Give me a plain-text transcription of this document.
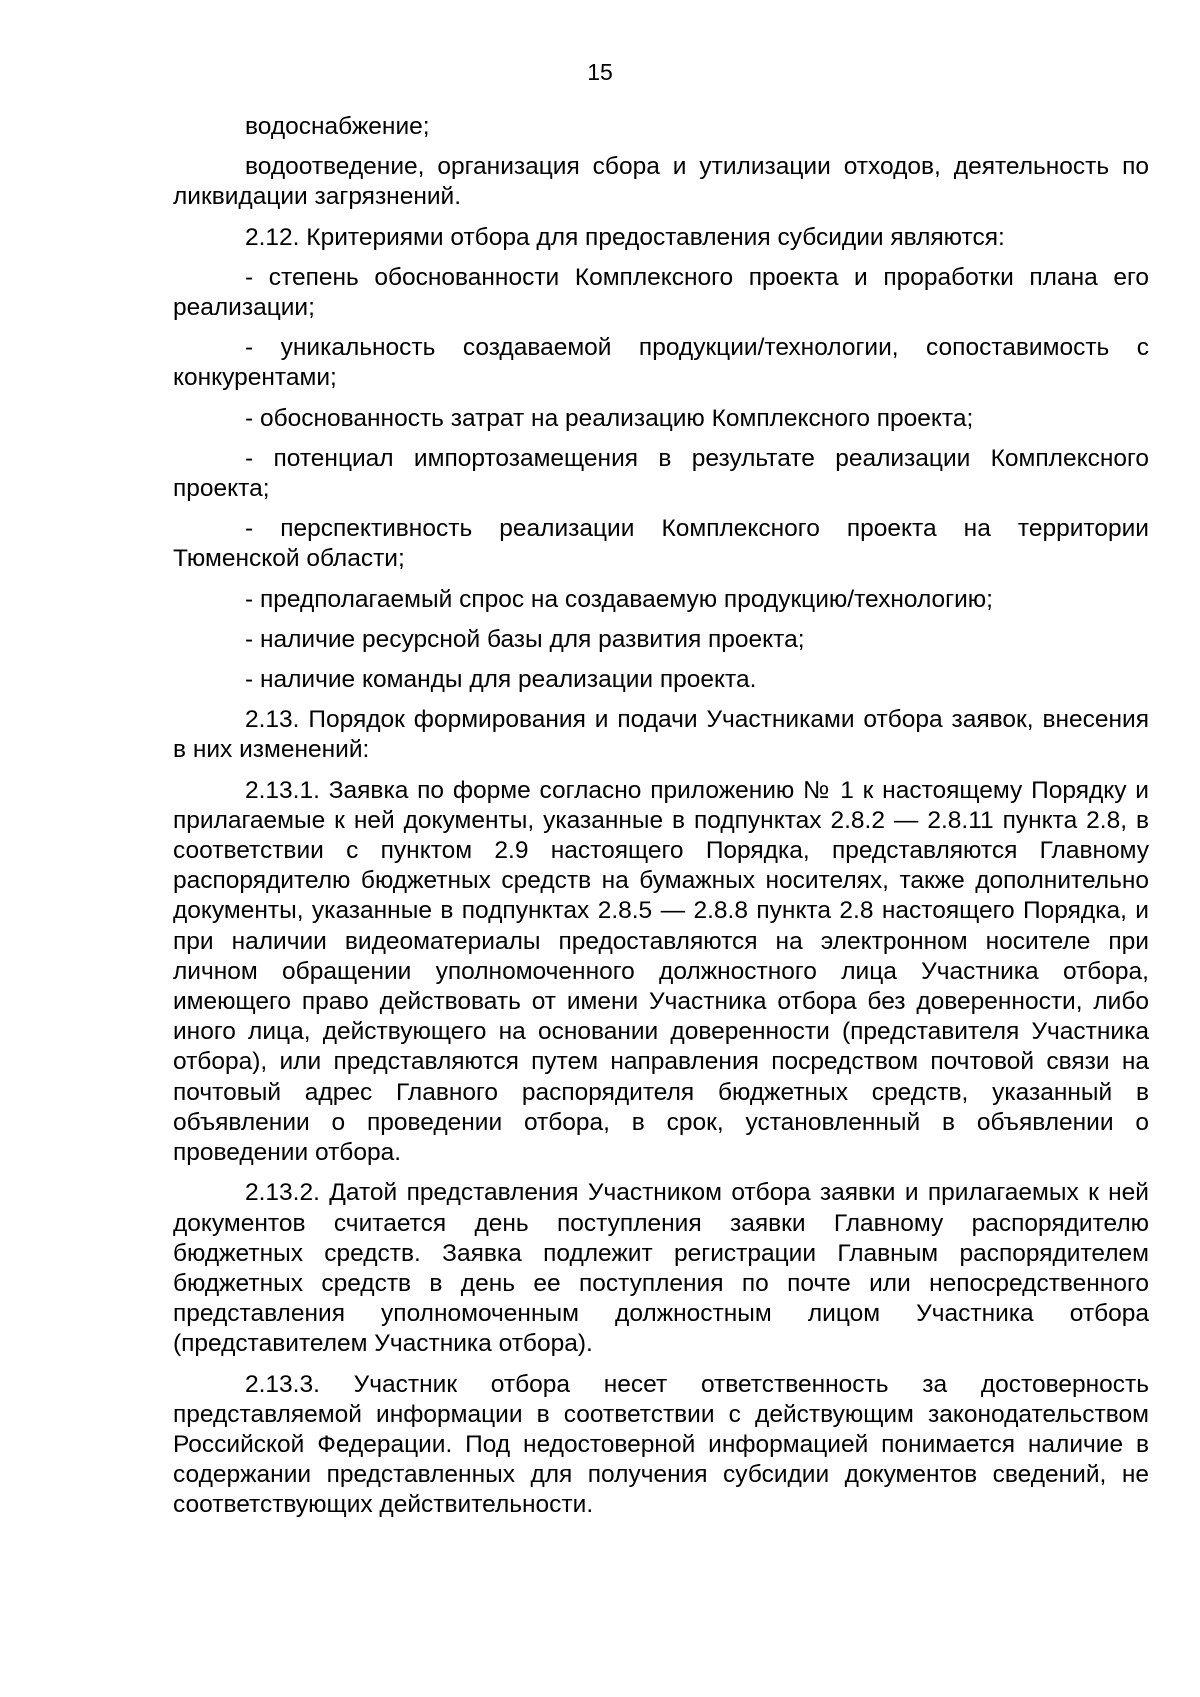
15

водоснабжение;

водоотведение, организация сбора и утилизации отходов, деятельность по ликвидации загрязнений.

2.12. Критериями отбора для предоставления субсидии являются:

- степень обоснованности Комплексного проекта и проработки плана его реализации;

- уникальность создаваемой продукции/технологии, сопоставимость с конкурентами;

- обоснованность затрат на реализацию Комплексного проекта;

- потенциал импортозамещения в результате реализации Комплексного проекта;

- перспективность реализации Комплексного проекта на территории Тюменской области;

- предполагаемый спрос на создаваемую продукцию/технологию;

- наличие ресурсной базы для развития проекта;

- наличие команды для реализации проекта.

2.13. Порядок формирования и подачи Участниками отбора заявок, внесения в них изменений:

2.13.1. Заявка по форме согласно приложению № 1 к настоящему Порядку и прилагаемые к ней документы, указанные в подпунктах 2.8.2 — 2.8.11 пункта 2.8, в соответствии с пунктом 2.9 настоящего Порядка, представляются Главному распорядителю бюджетных средств на бумажных носителях, также дополнительно документы, указанные в подпунктах 2.8.5 — 2.8.8 пункта 2.8 настоящего Порядка, и при наличии видеоматериалы предоставляются на электронном носителе при личном обращении уполномоченного должностного лица Участника отбора, имеющего право действовать от имени Участника отбора без доверенности, либо иного лица, действующего на основании доверенности (представителя Участника отбора), или представляются путем направления посредством почтовой связи на почтовый адрес Главного распорядителя бюджетных средств, указанный в объявлении о проведении отбора, в срок, установленный в объявлении о проведении отбора.

2.13.2. Датой представления Участником отбора заявки и прилагаемых к ней документов считается день поступления заявки Главному распорядителю бюджетных средств. Заявка подлежит регистрации Главным распорядителем бюджетных средств в день ее поступления по почте или непосредственного представления уполномоченным должностным лицом Участника отбора (представителем Участника отбора).

2.13.3. Участник отбора несет ответственность за достоверность представляемой информации в соответствии с действующим законодательством Российской Федерации. Под недостоверной информацией понимается наличие в содержании представленных для получения субсидии документов сведений, не соответствующих действительности.
